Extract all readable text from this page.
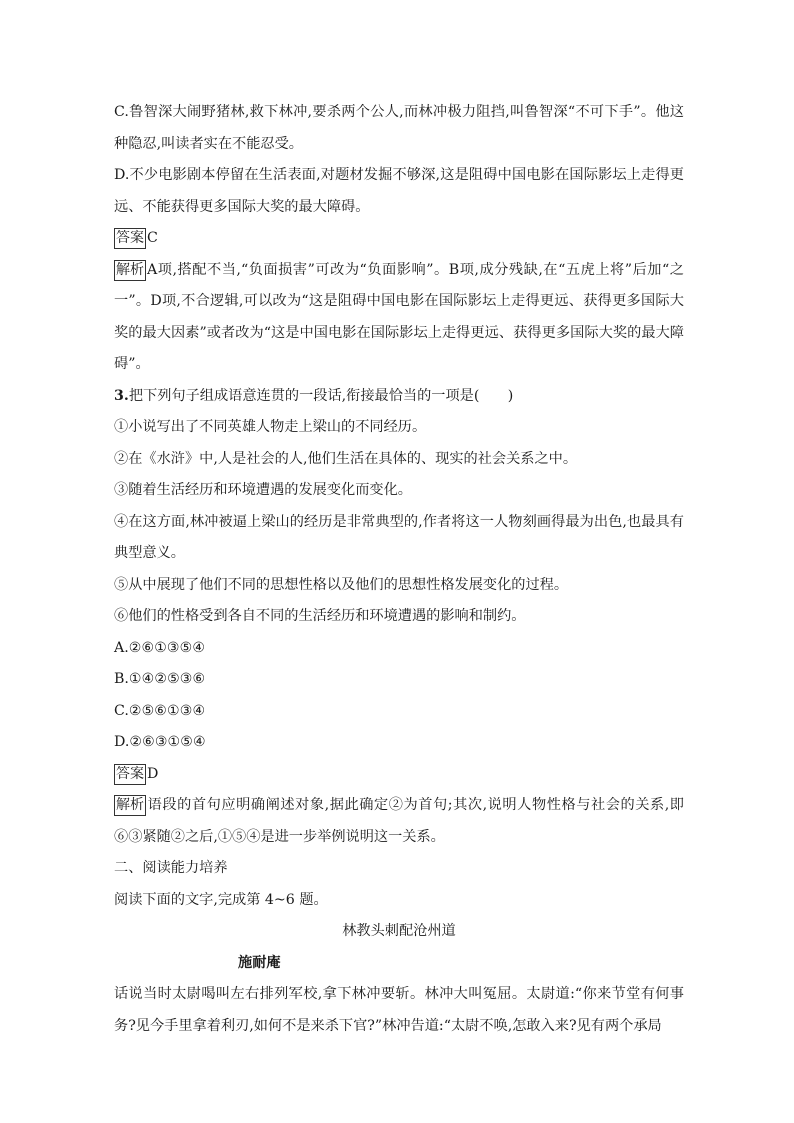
C.鲁智深大闹野猪林,救下林冲,要杀两个公人,而林冲极力阻挡,叫鲁智深“不可下手”。他这种隐忍,叫读者实在不能忍受。

D.不少电影剧本停留在生活表面,对题材发掘不够深,这是阻碍中国电影在国际影坛上走得更远、不能获得更多国际大奖的最大障碍。

答案 C

解析 A项,搭配不当,“负面损害”可改为“负面影响”。B项,成分残缺,在“五虎上将”后加“之一”。D项,不合逻辑,可以改为“这是阻碍中国电影在国际影坛上走得更远、获得更多国际大奖的最大因素”或者改为“这是中国电影在国际影坛上走得更远、获得更多国际大奖的最大障碍”。

3.把下列句子组成语意连贯的一段话,衔接最恰当的一项是(　　)

①小说写出了不同英雄人物走上梁山的不同经历。

②在《水浒》中,人是社会的人,他们生活在具体的、现实的社会关系之中。

③随着生活经历和环境遭遇的发展变化而变化。

④在这方面,林冲被逼上梁山的经历是非常典型的,作者将这一人物刻画得最为出色,也最具有典型意义。

⑤从中展现了他们不同的思想性格以及他们的思想性格发展变化的过程。

⑥他们的性格受到各自不同的生活经历和环境遭遇的影响和制约。

A.②⑥①③⑤④

B.①④②⑤③⑥

C.②⑤⑥①③④

D.②⑥③①⑤④

答案 D

解析 语段的首句应明确阐述对象,据此确定②为首句;其次,说明人物性格与社会的关系,即⑥③紧随②之后,①⑤④是进一步举例说明这一关系。

二、阅读能力培养

阅读下面的文字,完成第 4~6 题。

林教头刺配沧州道

施耐庵

话说当时太尉喝叫左右排列军校,拿下林冲要斩。林冲大叫冤屈。太尉道:“你来节堂有何事务?见今手里拿着利刃,如何不是来杀下官?”林冲告道:“太尉不唤,怎敢入来?见有两个承局
